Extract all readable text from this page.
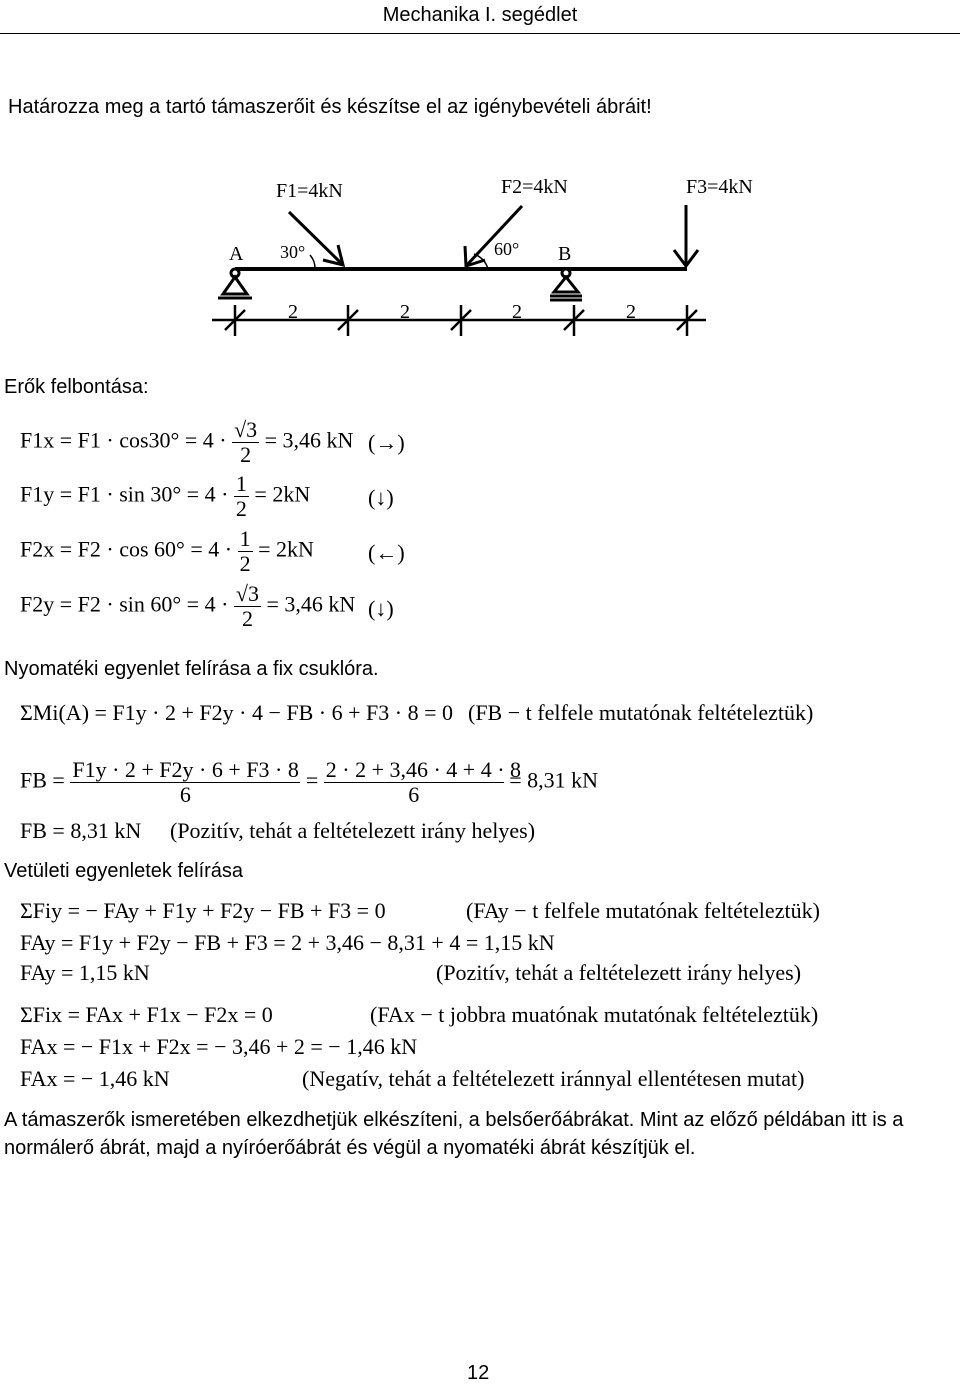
Mechanika I. segédlet
Határozza meg a tartó támaszerőit és készítse el az igénybevételi ábráit!
F1=4kN	F2=4kN	F3=4kN
A	B
30°	60°
2	2	2	2
Erők felbontása:
$F1x = F1 \cdot \cos 30^\circ = 4 \cdot \frac{√3}{2} = 3,46$ kN (→)
$F1y = F1 \cdot \sin 30^\circ = 4 \cdot \frac{1}{2} = 2kN$	(↓)
$F2x = F2 \cdot \cos 60^\circ = 4 \cdot \frac{1}{2} = 2kN$ (←)
$F2y = F2 \cdot \sin 60^\circ = 4 \cdot \frac{√3}{2} = 3,46$ kN (↓)
Nyomatéki egyenlet felírása a fix csuklóra.
ΣMi(A) = F1y · 2 + F2y · 4 − FB · 6 + F3 · 8 = 0 (FB − t felfele mutatónak feltételeztük)
FB = $\frac{F1y \cdot 2 + F2y \cdot 6 + F3 \cdot 8}{6} = \frac{2 \cdot 2 + 3,46 \cdot 4 + 4 \cdot 8}{6} = 8,31$ kN
FB = 8,31 kN (Pozitív, tehát a feltételezett irány helyes)
Vetületi egyenletek felírása
ΣFiy = − FAy + F1y + F2y − FB + F3 = 0	(FAy − t felfele mutatónak feltételeztük)
FAy = F1y + F2y − FB + F3 = 2 + 3,46 − 8,31 + 4 = 1,15 kN
FAy = 1,15 kN	(Pozitív, tehát a feltételezett irány helyes)
ΣFix = FAx + F1x − F2x = 0	(FAx − t jobbra muatónak mutatónak feltételeztük)
FAx = − F1x + F2x = − 3,46 + 2 = − 1,46 kN
FAx = − 1,46 kN	(Negatív, tehát a feltételezett iránnyal ellentétesen mutat)
A támaszerők ismeretében elkezdhetjük elkészíteni, a belsőerőábrákat. Mint az előző példában itt is a normálerő ábrát, majd a nyíróerőábrát és végül a nyomatéki ábrát készítjük el.
12
